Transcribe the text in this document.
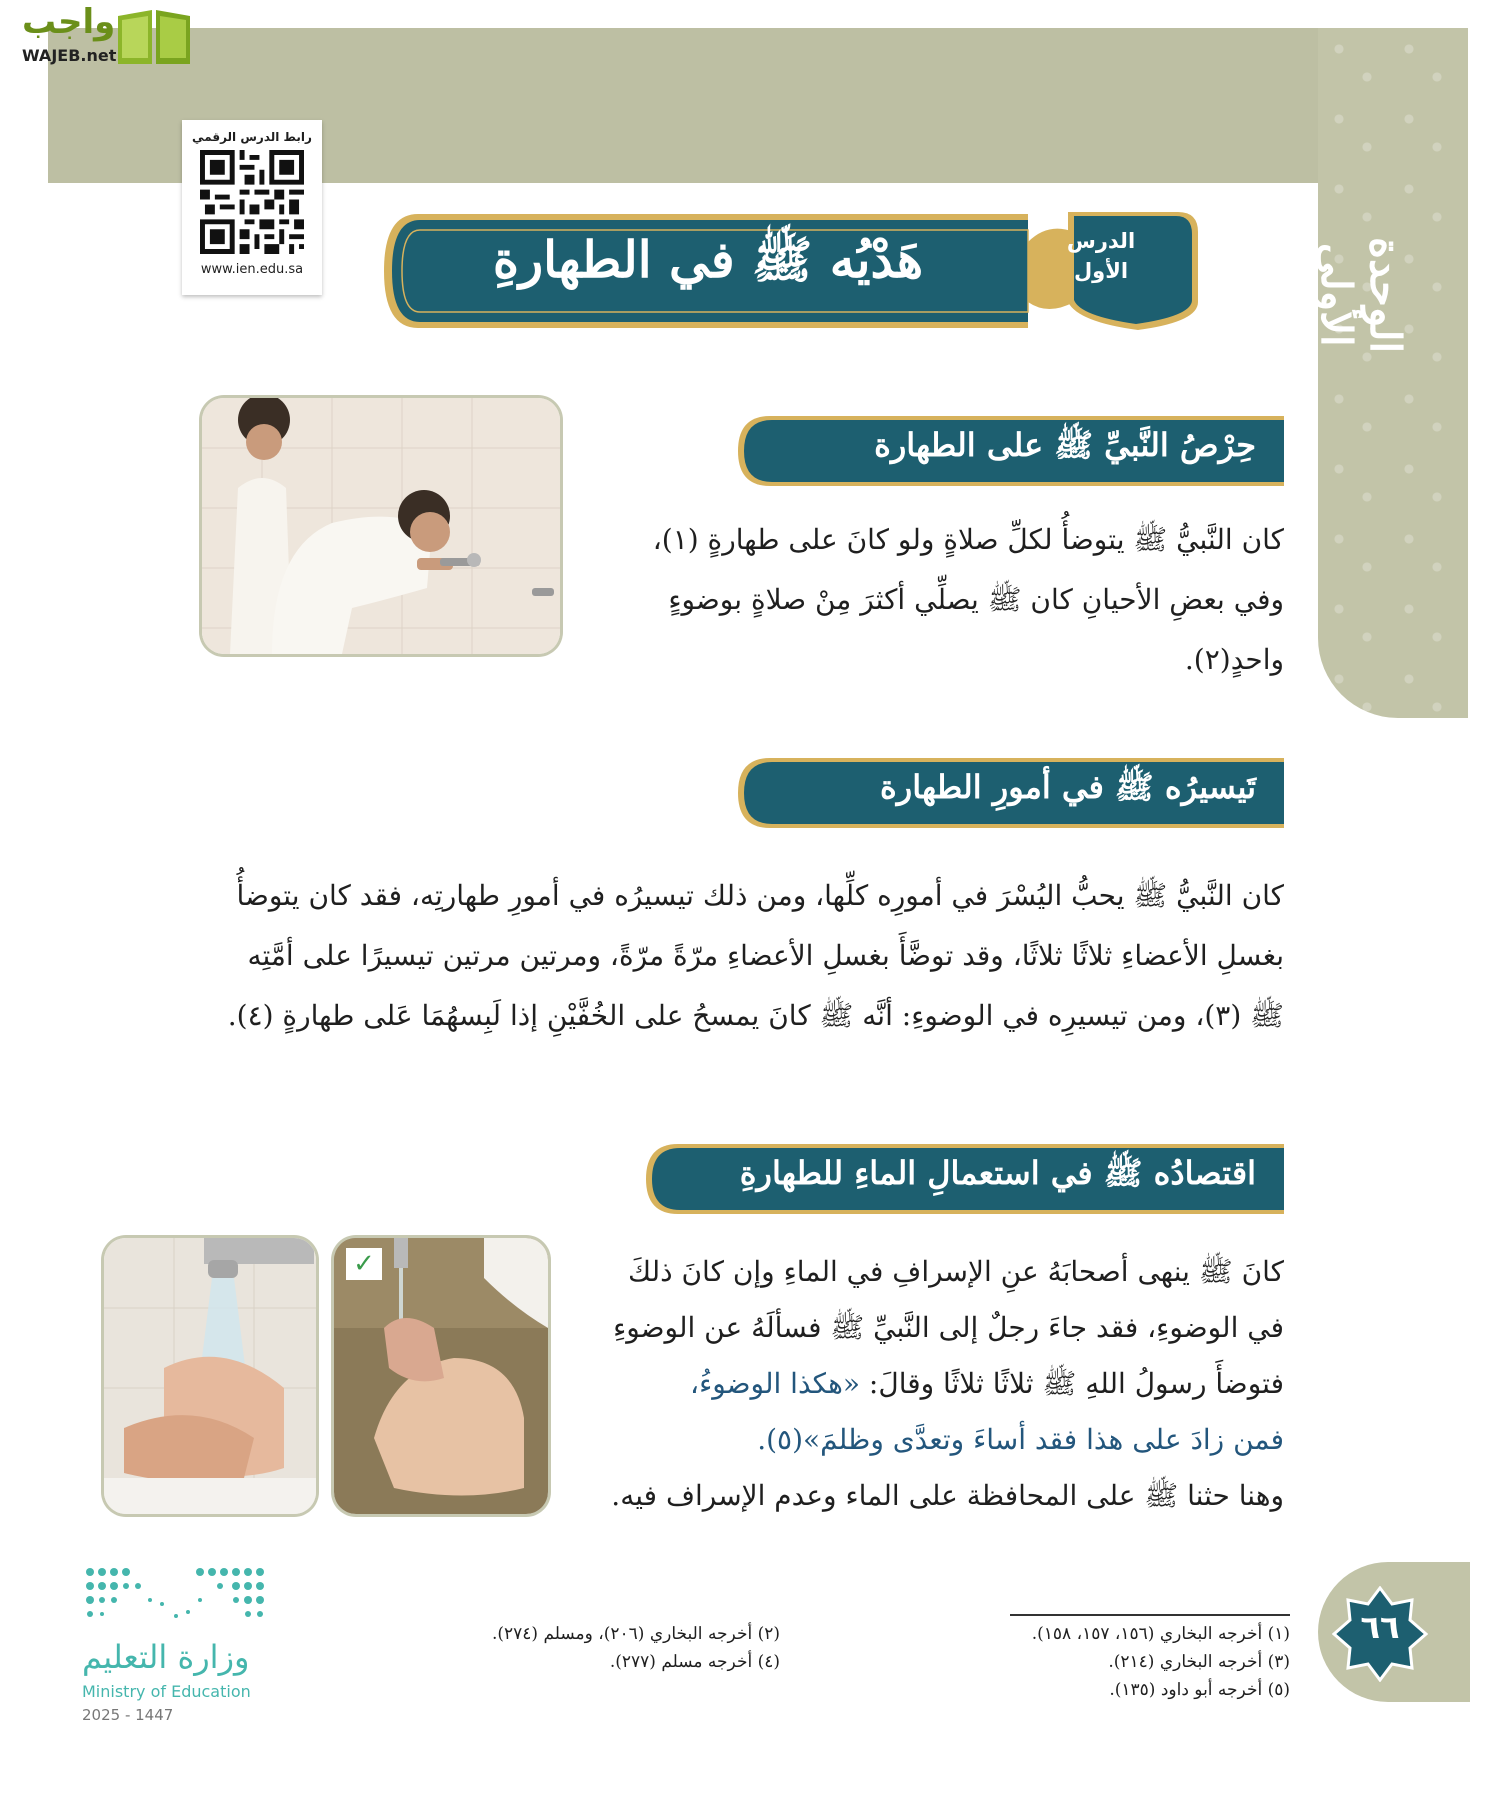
الوحدة الأولى
واجب
WAJEB.net
رابط الدرس الرقمي
www.ien.edu.sa	هَدْيُه ﷺ في الطهارةِ	الدرس
الأول
حِرْصُ النَّبيِّ ﷺ على الطهارة

كان النَّبيُّ ﷺ يتوضأُ لكلِّ صلاةٍ ولو كانَ على طهارةٍ (١)،

وفي بعضِ الأحيانِ كان ﷺ يصلِّي أكثرَ مِنْ صلاةٍ بوضوءٍ

واحدٍ(٢).

تَيسيرُه ﷺ في أمورِ الطهارة

كان النَّبيُّ ﷺ يحبُّ اليُسْرَ في أمورِه كلِّها، ومن ذلك تيسيرُه في أمورِ طهارتِه، فقد كان يتوضأُ

بغسلِ الأعضاءِ ثلاثًا ثلاثًا، وقد توضَّأَ بغسلِ الأعضاءِ مرّةً مرّةً، ومرتين مرتين تيسيرًا على أمَّتِه

ﷺ (٣)، ومن تيسيرِه في الوضوءِ: أنَّه ﷺ كانَ يمسحُ على الخُفَّيْنِ إذا لَبِسهُمَا عَلى طهارةٍ (٤).

اقتصادُه ﷺ في استعمالِ الماءِ للطهارةِ
✓	كانَ ﷺ ينهى أصحابَهُ عنِ الإسرافِ في الماءِ وإن كانَ ذلكَ

في الوضوءِ، فقد جاءَ رجلٌ إلى النَّبيِّ ﷺ فسألَهُ عن الوضوءِ

فتوضأَ رسولُ اللهِ ﷺ ثلاثًا ثلاثًا وقالَ: «هكذا الوضوءُ،

فمن زادَ على هذا فقد أساءَ وتعدَّى وظلمَ»(٥).

وهنا حثنا ﷺ على المحافظة على الماء وعدم الإسراف فيه.

٦٦

(١) أخرجه البخاري (١٥٦، ١٥٧، ١٥٨).

(٣) أخرجه البخاري (٢١٤).

(٥) أخرجه أبو داود (١٣٥).

(٢) أخرجه البخاري (٢٠٦)، ومسلم (٢٧٤).

(٤) أخرجه مسلم (٢٧٧).

وزارة التعليم
Ministry of Education
2025 - 1447
